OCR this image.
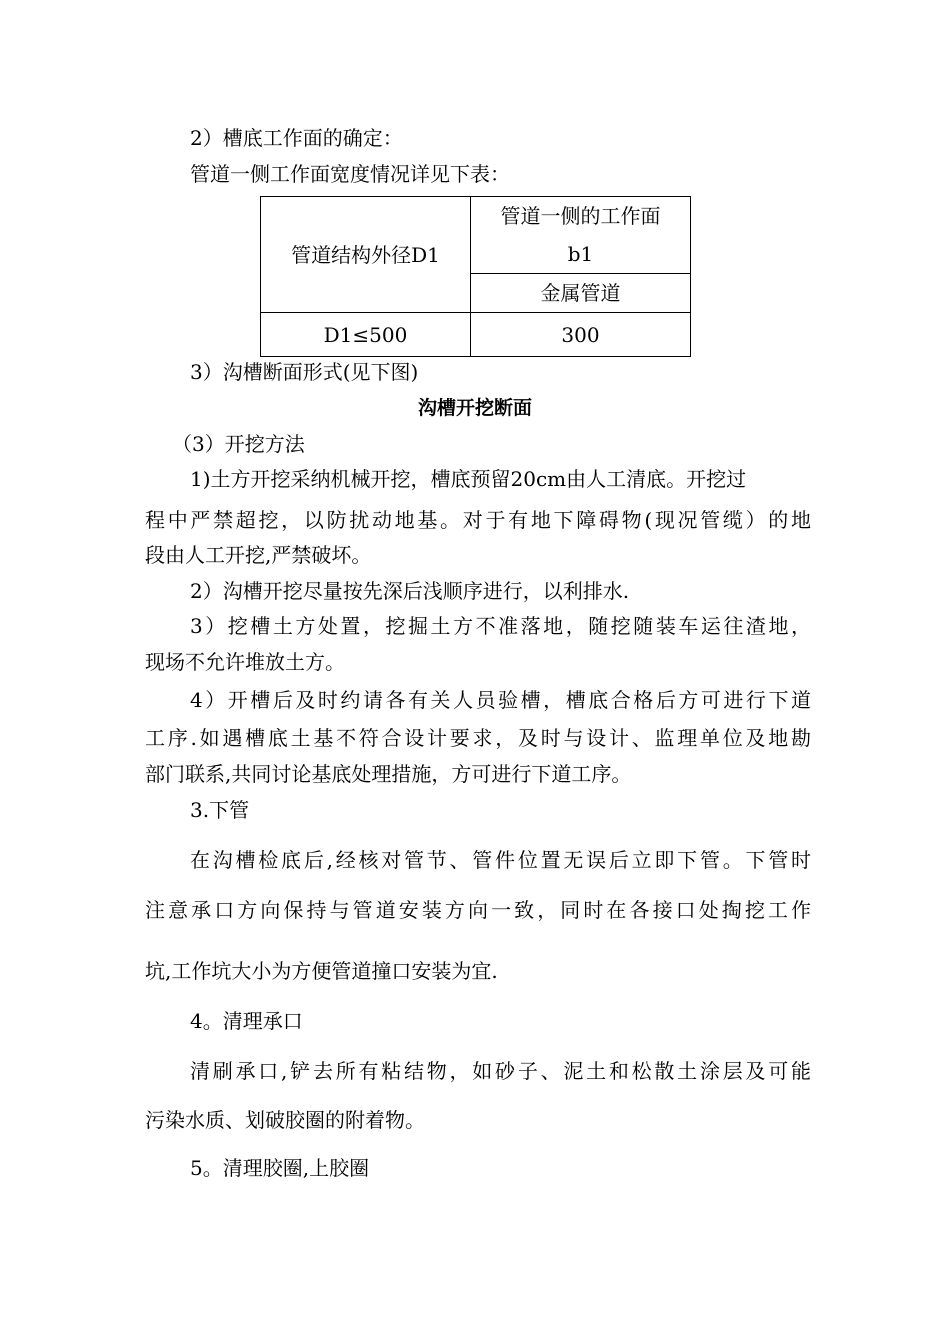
2）槽底工作面的确定：
管道一侧工作面宽度情况详见下表：
管道结构外径D1	管道一侧的工作面
b1

	金属管道
D1≤500	300
3）沟槽断面形式(见下图)
沟槽开挖断面
（3）开挖方法
1)土方开挖采纳机械开挖，槽底预留20cm由人工清底。开挖过
程中严禁超挖，以防扰动地基。对于有地下障碍物(现况管缆）的地
段由人工开挖,严禁破坏。
2）沟槽开挖尽量按先深后浅顺序进行，以利排水.
3）挖槽土方处置，挖掘土方不准落地，随挖随装车运往渣地，
现场不允许堆放土方。
4）开槽后及时约请各有关人员验槽，槽底合格后方可进行下道
工序.如遇槽底土基不符合设计要求，及时与设计、监理单位及地勘
部门联系,共同讨论基底处理措施，方可进行下道工序。
3.下管
在沟槽检底后,经核对管节、管件位置无误后立即下管。下管时
注意承口方向保持与管道安装方向一致，同时在各接口处掏挖工作
坑,工作坑大小为方便管道撞口安装为宜.
4。清理承口
清刷承口,铲去所有粘结物，如砂子、泥土和松散土涂层及可能
污染水质、划破胶圈的附着物。
5。清理胶圈,上胶圈
